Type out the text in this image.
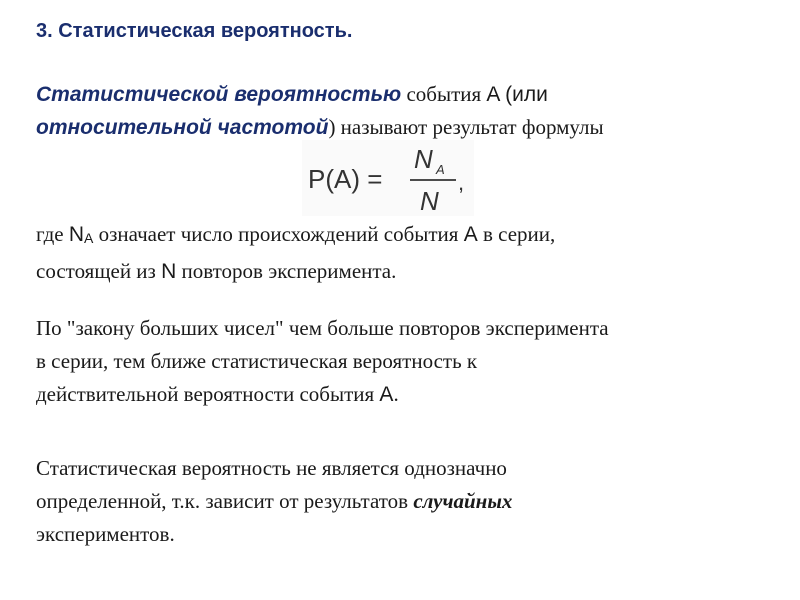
3. Статистическая вероятность.
Статистической вероятностью события A (или
относительной частотой) называют результат формулы
P(A) =
N A
N
,
где $N_A$ означает число происхождений события A в серии,
состоящей из N повторов эксперимента.
По "закону больших чисел" чем больше повторов эксперимента
в серии, тем ближе статистическая вероятность к
действительной вероятности события A.
Статистическая вероятность не является однозначно
определенной, т.к. зависит от результатов случайных
экспериментов.
